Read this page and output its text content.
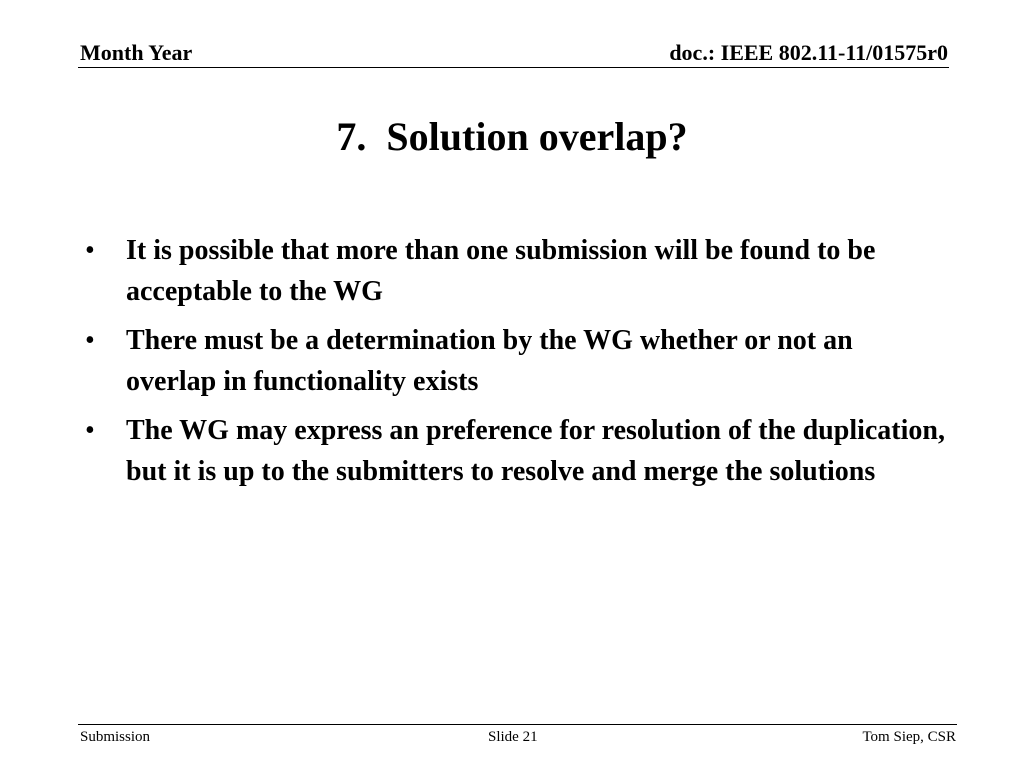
Month Year	doc.: IEEE 802.11-11/01575r0
7.  Solution overlap?
• It is possible that more than one submission will be found to be acceptable to the WG
• There must be a determination by the WG whether or not an overlap in functionality exists
• The WG may express an preference for resolution of the duplication, but it is up to the submitters to resolve and merge the solutions
Submission	Slide 21	Tom Siep, CSR
